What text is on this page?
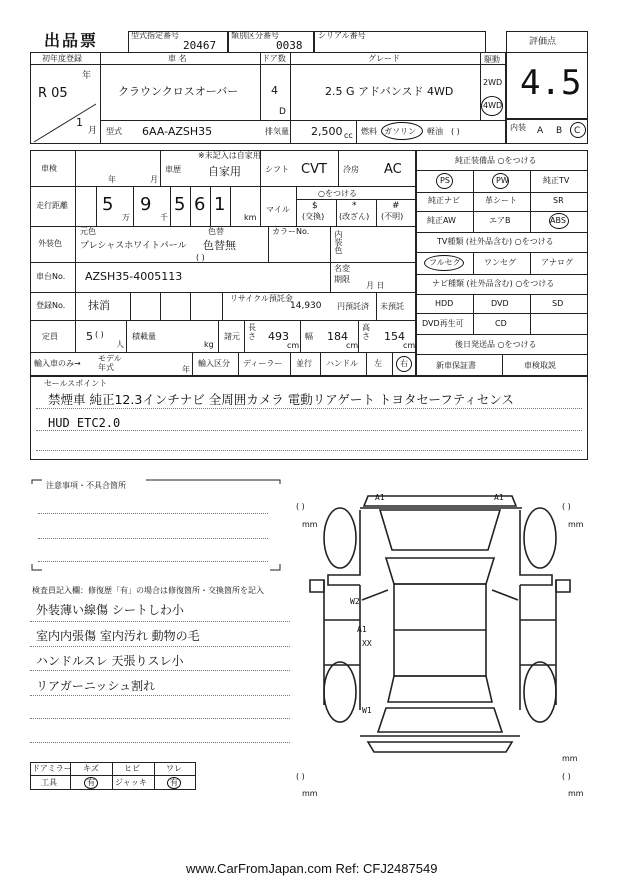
出品票	型式指定番号
20467
類別区分番号
0038
シリアル番号
評価点
4.5
初年度登録
R 05
年
1
月
車 名
クラウンクロスオーバー
ドア数
4
D
グレード
2.5 G アドバンスド 4WD
駆動
2WD
4WD
型式 6AA-AZSH35	排気量 2,500 cc 燃料 ガソリン 軽油 ( )	内装 A B C
車検
年	月
車歴
※未記入は自家用
自家用	シフト CVT 冷房 AC
走行距離 5
万
9
千
5 6 1
km
マイル
○をつける
$
(交換)
*
(改ざん)
#
(不明)
外装色
元色
プレシャスホワイトパール
色替
色替無
( )
カラーNo.	内装色
車台No. AZSH35-4005113
名変
期限
月 日
登録No. 抹消
リサイクル預託金
14,930 円預託済 未預託
定員	5 ( )
人
積載量
kg
諸元
長さ 493
cm
幅 184
cm
高さ 154
cm
輸入車のみ→
モデル年式	年
輸入区分 ディーラー 並行 ハンドル 左 右
純正装備品 ○をつける
PS	PW	純正TV
純正ナビ	革シート	SR
純正AW	エアB	ABS
TV種類 (社外品含む) ○をつける
フルセグ	ワンセグ	アナログ
ナビ種類 (社外品含む) ○をつける
HDD	DVD	SD
DVD再生可	CD
後日発送品 ○をつける
新車保証書	車検取説
セールスポイント
禁煙車 純正12.3インチナビ 全周囲カメラ 電動リアゲート トヨタセーフティセンス
HUD ETC2.0
注意事項・不具合箇所
検査員記入欄：修復歴「有」の場合は修復箇所・交換箇所を記入
外装薄い線傷 シートしわ小
室内内張傷 室内汚れ 動物の毛
ハンドルスレ 天張りスレ小
リアガーニッシュ割れ
A1	A1
W2
A1
XX
W1
( )
mm
( )
mm
( )
mm
( )
mm
mm
ドアミラー キズ	ヒビ	ワレ
工具	有	ジャッキ	有
www.CarFromJapan.com Ref: CFJ2487549
